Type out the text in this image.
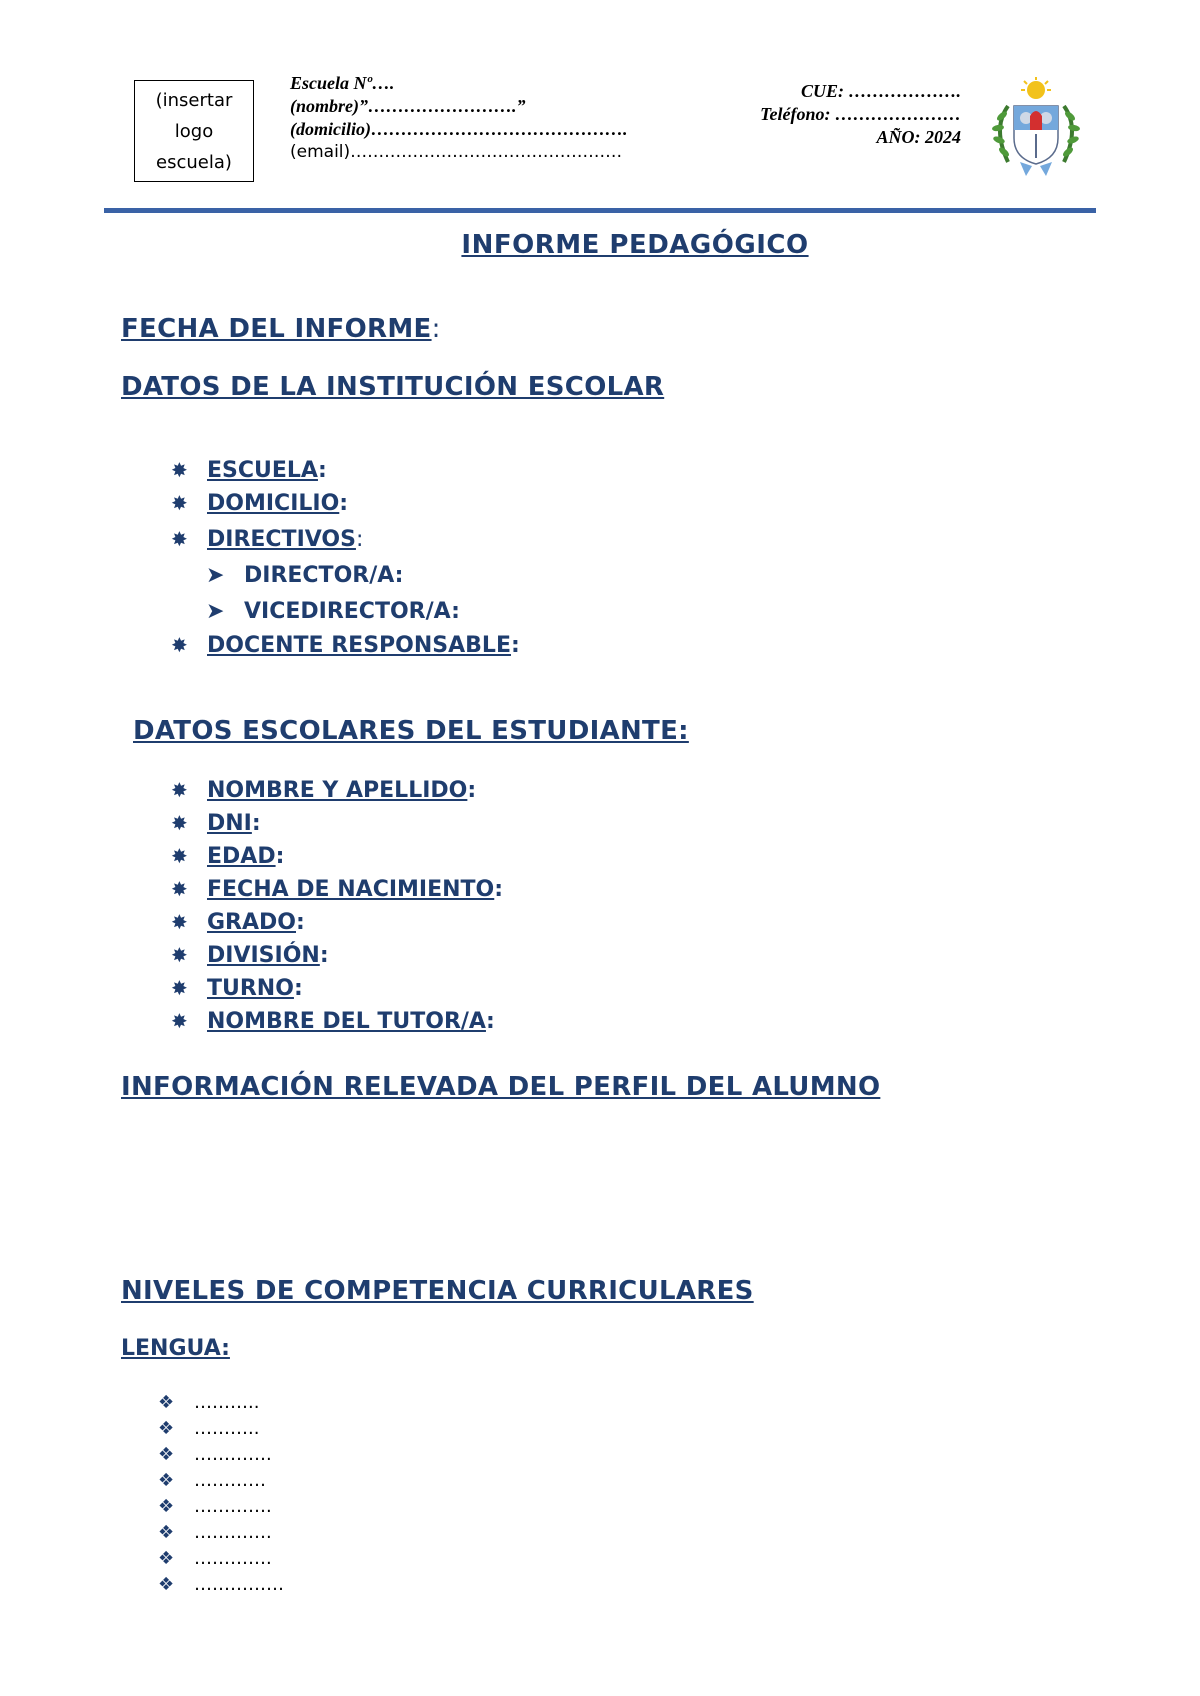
(insertar
logo
escuela)
Escuela Nº….
(nombre)”…………………….”
(domicilio)…………………………………….
(email)…………………………………………
CUE: ……………….
Teléfono: …………………
AÑO: 2024
INFORME PEDAGÓGICO
FECHA DEL INFORME:
DATOS DE LA INSTITUCIÓN ESCOLAR
✸ ESCUELA :
✸ DOMICILIO :
✸ DIRECTIVOS :
➤ DIRECTOR/A:
➤ VICEDIRECTOR/A:
✸ DOCENTE RESPONSABLE :
DATOS ESCOLARES DEL ESTUDIANTE:
✸ NOMBRE Y APELLIDO :
✸ DNI :
✸ EDAD :
✸ FECHA DE NACIMIENTO :
✸ GRADO :
✸ DIVISIÓN :
✸ TURNO :
✸ NOMBRE DEL TUTOR/A :
INFORMACIÓN RELEVADA DEL PERFIL DEL ALUMNO
NIVELES DE COMPETENCIA CURRICULARES
LENGUA:
❖	………..
❖	………..
❖	………….
❖	…………
❖	………….
❖	………….
❖	………….
❖	……………
